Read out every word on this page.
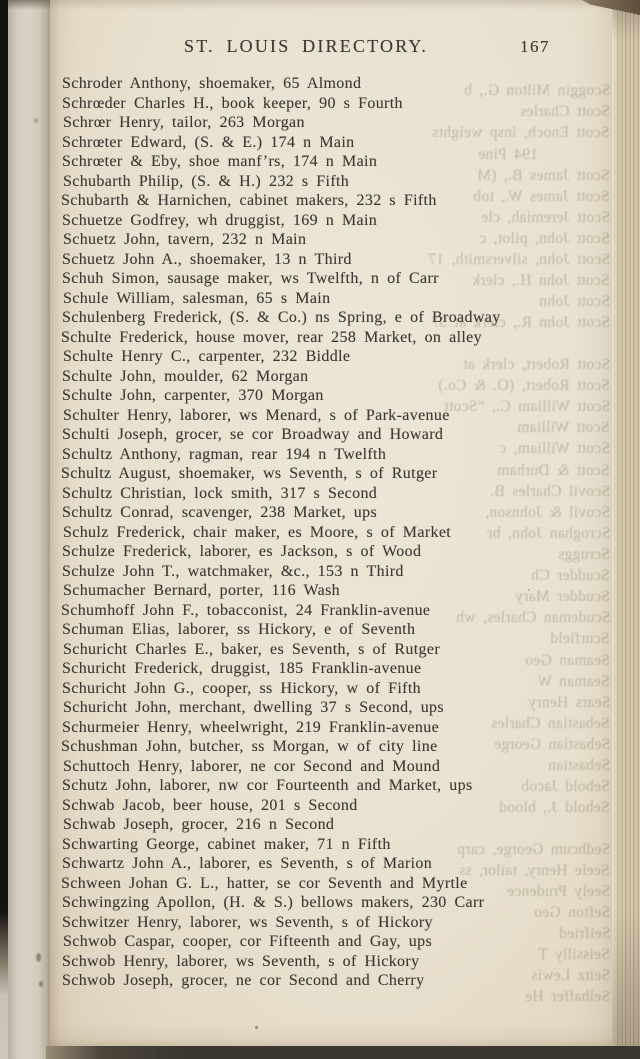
ST. LOUIS DIRECTORY.	167
Schroder Anthony, shoemaker, 65 Almond
Schrœder Charles H., book keeper, 90 s Fourth
Schrœr Henry, tailor, 263 Morgan
Schrœter Edward, (S. & E.) 174 n Main
Schrœter & Eby, shoe manf’rs, 174 n Main
Schubarth Philip, (S. & H.) 232 s Fifth
Schubarth & Harnichen, cabinet makers, 232 s Fifth
Schuetze Godfrey, wh druggist, 169 n Main
Schuetz John, tavern, 232 n Main
Schuetz John A., shoemaker, 13 n Third
Schuh Simon, sausage maker, ws Twelfth, n of Carr
Schule William, salesman, 65 s Main
Schulenberg Frederick, (S. & Co.) ns Spring, e of Broadway
Schulte Frederick, house mover, rear 258 Market, on alley
Schulte Henry C., carpenter, 232 Biddle
Schulte John, moulder, 62 Morgan
Schulte John, carpenter, 370 Morgan
Schulter Henry, laborer, ws Menard, s of Park-avenue
Schulti Joseph, grocer, se cor Broadway and Howard
Schultz Anthony, ragman, rear 194 n Twelfth
Schultz August, shoemaker, ws Seventh, s of Rutger
Schultz Christian, lock smith, 317 s Second
Schultz Conrad, scavenger, 238 Market, ups
Schulz Frederick, chair maker, es Moore, s of Market
Schulze Frederick, laborer, es Jackson, s of Wood
Schulze John T., watchmaker, &c., 153 n Third
Schumacher Bernard, porter, 116 Wash
Schumhoff John F., tobacconist, 24 Franklin-avenue
Schuman Elias, laborer, ss Hickory, e of Seventh
Schuricht Charles E., baker, es Seventh, s of Rutger
Schuricht Frederick, druggist, 185 Franklin-avenue
Schuricht John G., cooper, ss Hickory, w of Fifth
Schuricht John, merchant, dwelling 37 s Second, ups
Schurmeier Henry, wheelwright, 219 Franklin-avenue
Schushman John, butcher, ss Morgan, w of city line
Schuttoch Henry, laborer, ne cor Second and Mound
Schutz John, laborer, nw cor Fourteenth and Market, ups
Schwab Jacob, beer house, 201 s Second
Schwab Joseph, grocer, 216 n Second
Schwarting George, cabinet maker, 71 n Fifth
Schwartz John A., laborer, es Seventh, s of Marion
Schween Johan G. L., hatter, se cor Seventh and Myrtle
Schwingzing Apollon, (H. & S.) bellows makers, 230 Carr
Schwitzer Henry, laborer, ws Seventh, s of Hickory
Schwob Caspar, cooper, cor Fifteenth and Gay, ups
Schwob Henry, laborer, ws Seventh, s of Hickory
Schwob Joseph, grocer, ne cor Second and Cherry
Scoggin Milton G., b
Scott Charles
Scott Enoch, insp weights
194 Pine
Scott James B., (M
Scott James W., tob
Scott Jeremiah, cle
Scott John, pilot, c
Scott John, silversmith, 17
Scott John H., clerk
Scott John
Scott John R., clerk at 57
Scott Robert, clerk at
Scott Robert, (O. & Co.)
Scott William C., “Scott
Scott William
Scott William, c
Scott & Durham
Scovil Charles B.
Scovil & Johnson,
Scroghan John, br
Scruggs
Scudder Ch
Scudder Mary
Scudeman Charles, wh
Scurfield
Seaman Geo
Seaman W
Sears Henry
Sebastian Charles
Sebastian George
Sebastian
Sebold Jacob
Sebold J., blood
Sedhcum George, carp
Seele Henry, tailor, ss
Seely Prudence
Sefton Geo
Seifried
Seissilly T
Seitz Lewis
Selhaffer He
